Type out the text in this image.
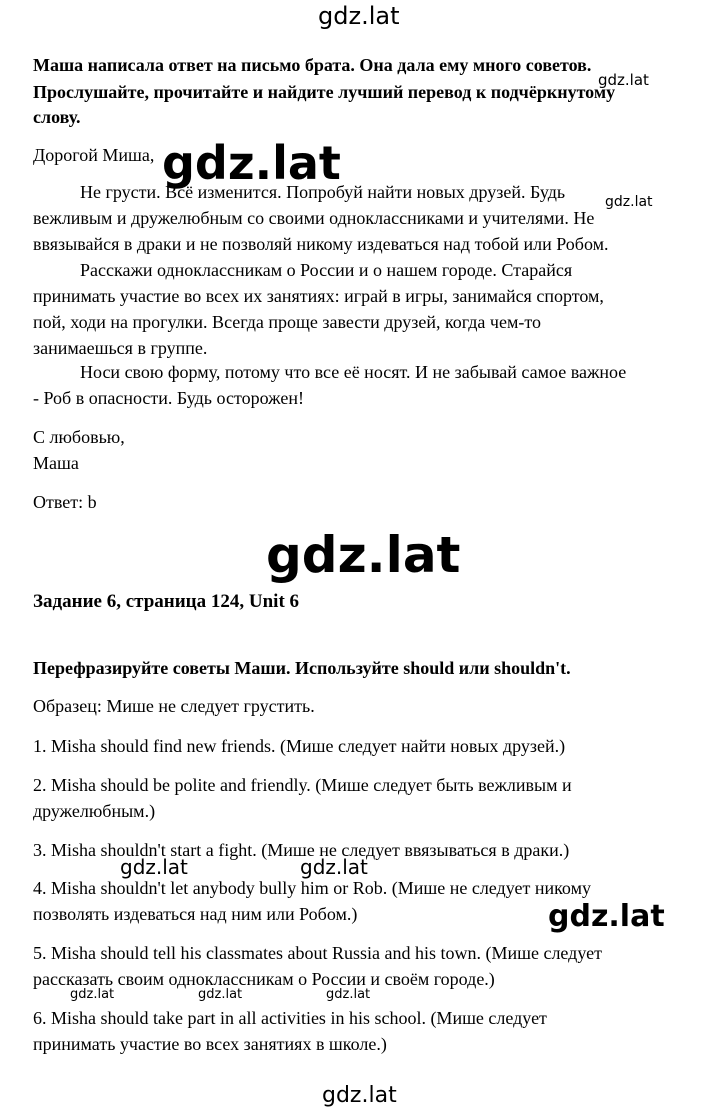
gdz.lat
Маша написала ответ на письмо брата. Она дала ему много советов.
Прослушайте, прочитайте и найдите лучший перевод к подчёркнутому
слову.
gdz.lat
Дорогой Миша, gdz.lat
Не грусти. Всё изменится. Попробуй найти новых друзей. Будь	gdz.lat
вежливым и дружелюбным со своими одноклассниками и учителями. Не
ввязывайся в драки и не позволяй никому издеваться над тобой или Робом.
Расскажи одноклассникам о России и о нашем городе. Старайся
принимать участие во всех их занятиях: играй в игры, занимайся спортом,
пой, ходи на прогулки. Всегда проще завести друзей, когда чем-то
занимаешься в группе.
Носи свою форму, потому что все её носят. И не забывай самое важное
- Роб в опасности. Будь осторожен!
С любовью,
Маша
Ответ: b
gdz.lat
Задание 6, страница 124, Unit 6
Перефразируйте советы Маши. Используйте should или shouldn't.
Образец: Мише не следует грустить.
1. Misha should find new friends. (Мише следует найти новых друзей.)
2. Misha should be polite and friendly. (Мише следует быть вежливым и
дружелюбным.)
3. Misha shouldn't start a fight. (Мише не следует ввязываться в драки.)
gdz.lat	gdz.lat
4. Misha shouldn't let anybody bully him or Rob. (Мише не следует никому
позволять издеваться над ним или Робом.)	gdz.lat
5. Misha should tell his classmates about Russia and his town. (Мише следует
рассказать своим одноклассникам о России и своём городе.)
gdz.lat	gdz.lat	gdz.lat
6. Misha should take part in all activities in his school. (Мише следует
принимать участие во всех занятиях в школе.)
gdz.lat
